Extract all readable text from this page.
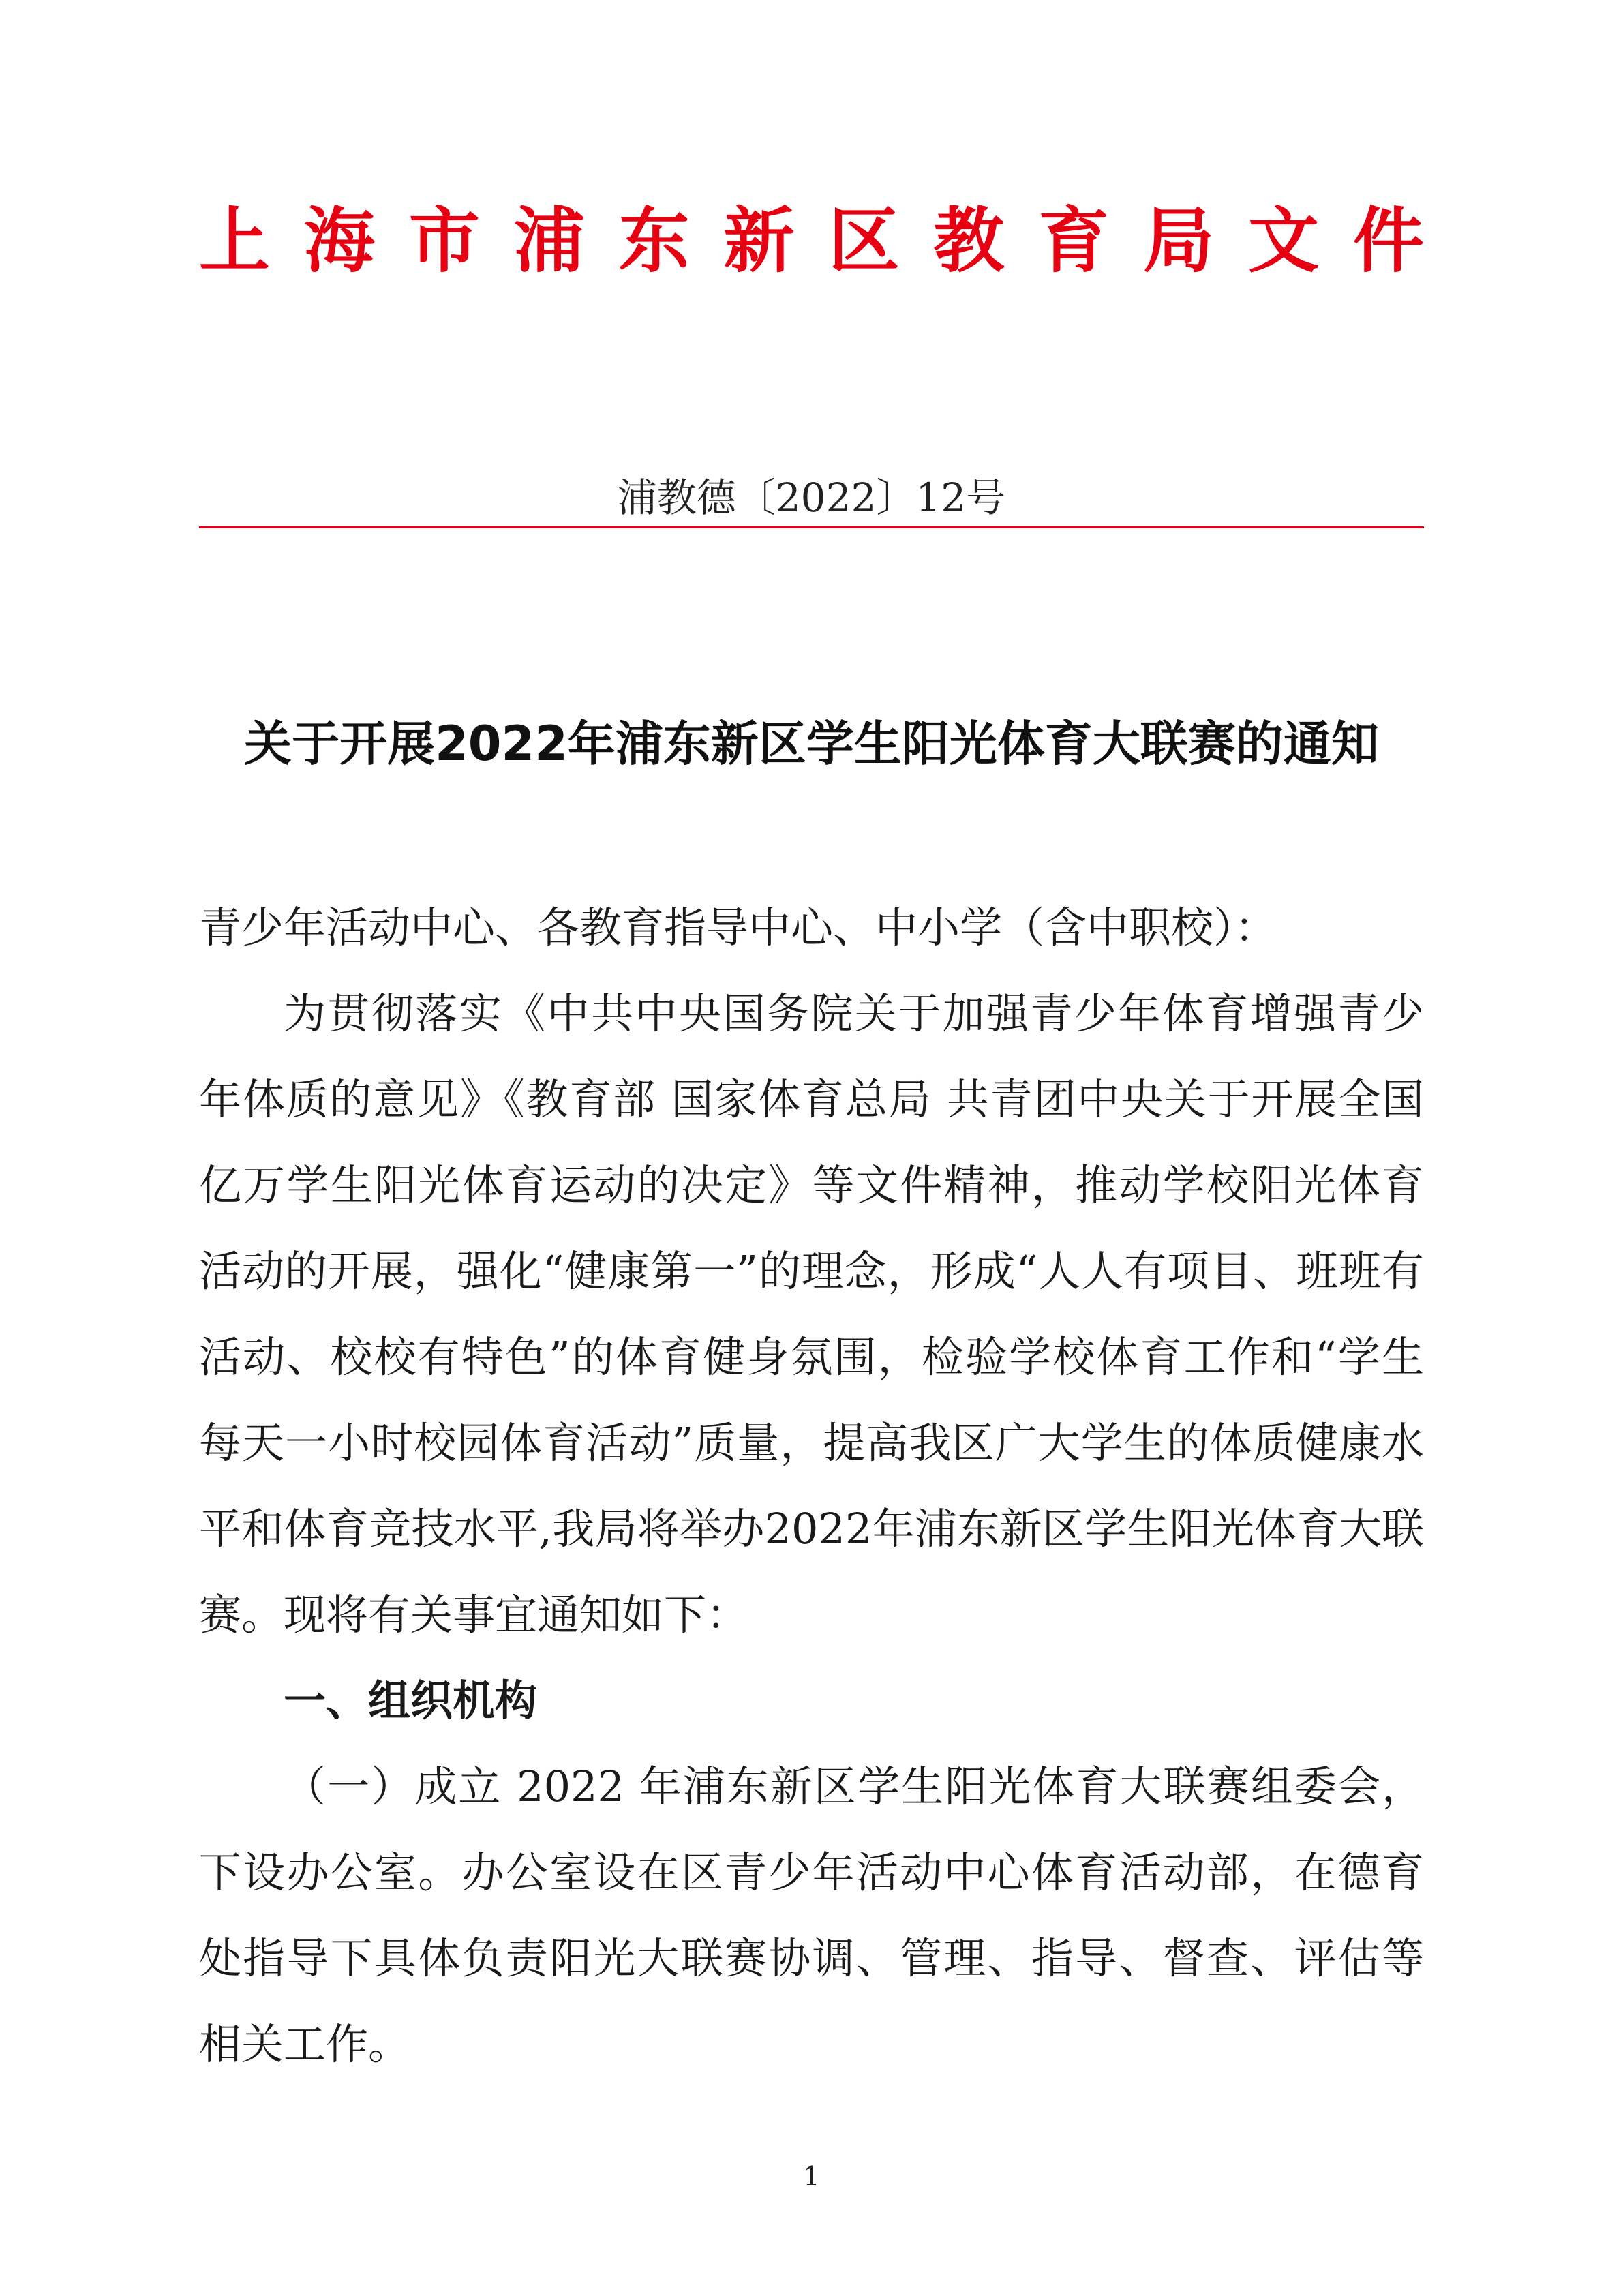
上 海 市 浦 东 新 区 教 育 局 文 件
浦教德〔2022〕12号
关于开展2022年浦东新区学生阳光体育大联赛的通知

青少年活动中心、各教育指导中心、中小学（含中职校）：

为贯彻落实《中共中央国务院关于加强青少年体育增强青少年体质的意见》《教育部 国家体育总局 共青团中央关于开展全国亿万学生阳光体育运动的决定》等文件精神，推动学校阳光体育活动的开展，强化“健康第一”的理念，形成“人人有项目、班班有活动、校校有特色”的体育健身氛围，检验学校体育工作和“学生每天一小时校园体育活动”质量，提高我区广大学生的体质健康水平和体育竞技水平,我局将举办2022年浦东新区学生阳光体育大联赛。现将有关事宜通知如下：

一、组织机构

（一）成立 2022 年浦东新区学生阳光体育大联赛组委会，下设办公室。办公室设在区青少年活动中心体育活动部，在德育处指导下具体负责阳光大联赛协调、管理、指导、督查、评估等相关工作。

1
